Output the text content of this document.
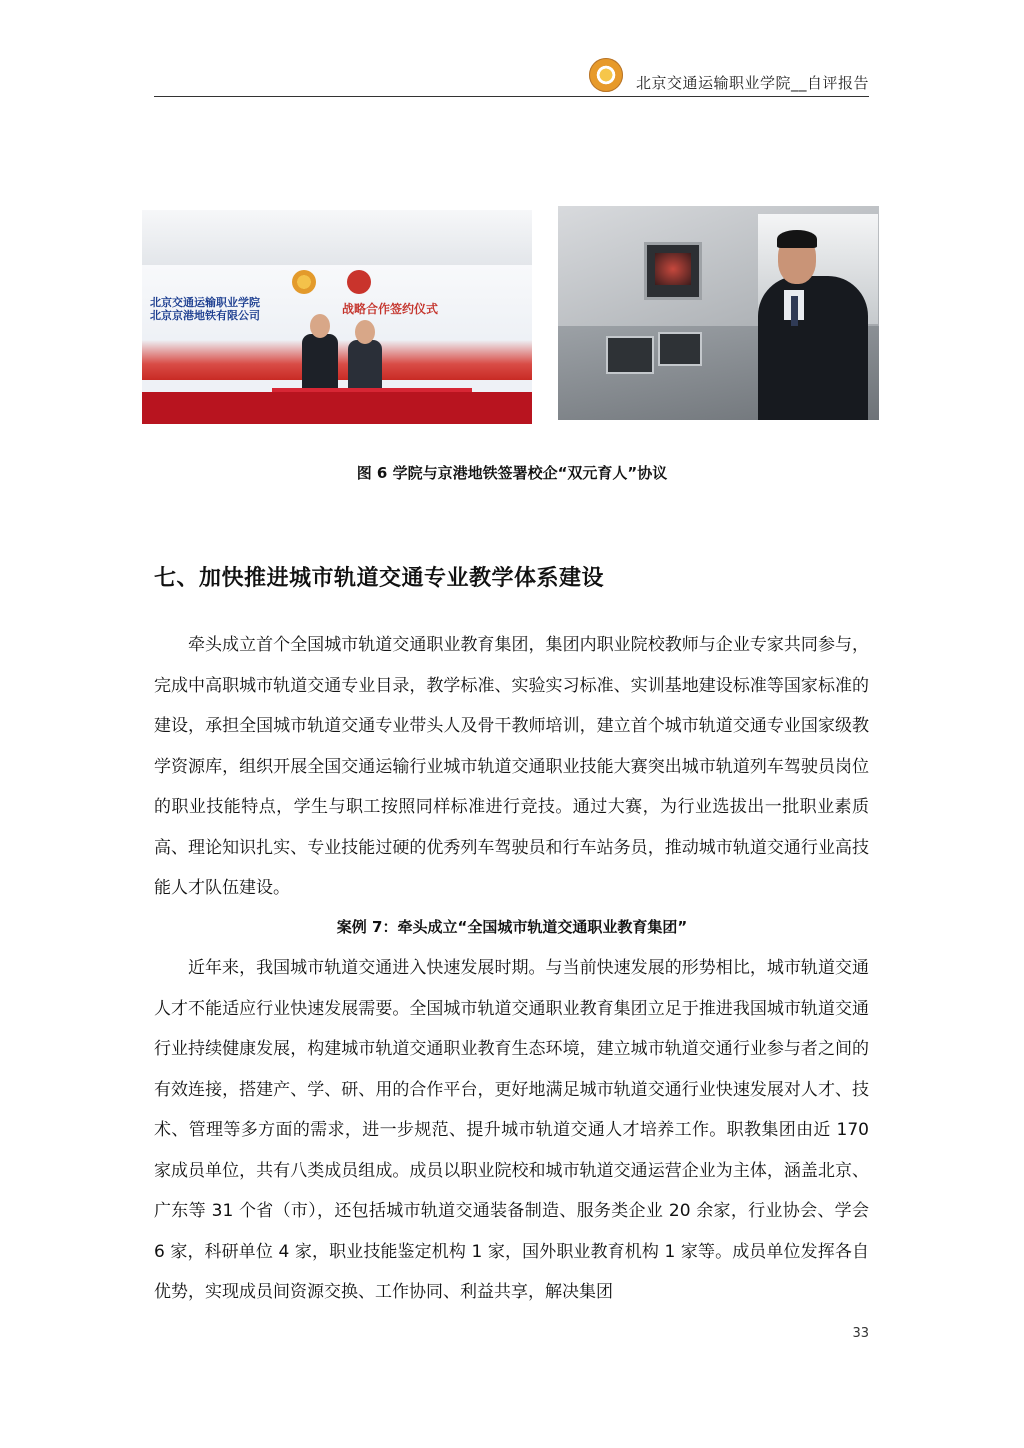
北京交通运输职业学院__自评报告
北京交通运输职业学院
北京京港地铁有限公司	战略合作签约仪式
图 6 学院与京港地铁签署校企“双元育人”协议
七、加快推进城市轨道交通专业教学体系建设

牵头成立首个全国城市轨道交通职业教育集团，集团内职业院校教师与企业专家共同参与，完成中高职城市轨道交通专业目录，教学标准、实验实习标准、实训基地建设标准等国家标准的建设，承担全国城市轨道交通专业带头人及骨干教师培训，建立首个城市轨道交通专业国家级教学资源库，组织开展全国交通运输行业城市轨道交通职业技能大赛突出城市轨道列车驾驶员岗位的职业技能特点，学生与职工按照同样标准进行竞技。通过大赛，为行业选拔出一批职业素质高、理论知识扎实、专业技能过硬的优秀列车驾驶员和行车站务员，推动城市轨道交通行业高技能人才队伍建设。

案例 7：牵头成立“全国城市轨道交通职业教育集团”

近年来，我国城市轨道交通进入快速发展时期。与当前快速发展的形势相比，城市轨道交通人才不能适应行业快速发展需要。全国城市轨道交通职业教育集团立足于推进我国城市轨道交通行业持续健康发展，构建城市轨道交通职业教育生态环境，建立城市轨道交通行业参与者之间的有效连接，搭建产、学、研、用的合作平台，更好地满足城市轨道交通行业快速发展对人才、技术、管理等多方面的需求，进一步规范、提升城市轨道交通人才培养工作。职教集团由近 170 家成员单位，共有八类成员组成。成员以职业院校和城市轨道交通运营企业为主体，涵盖北京、广东等 31 个省（市），还包括城市轨道交通装备制造、服务类企业 20 余家，行业协会、学会 6 家，科研单位 4 家，职业技能鉴定机构 1 家，国外职业教育机构 1 家等。成员单位发挥各自优势，实现成员间资源交换、工作协同、利益共享，解决集团

33
